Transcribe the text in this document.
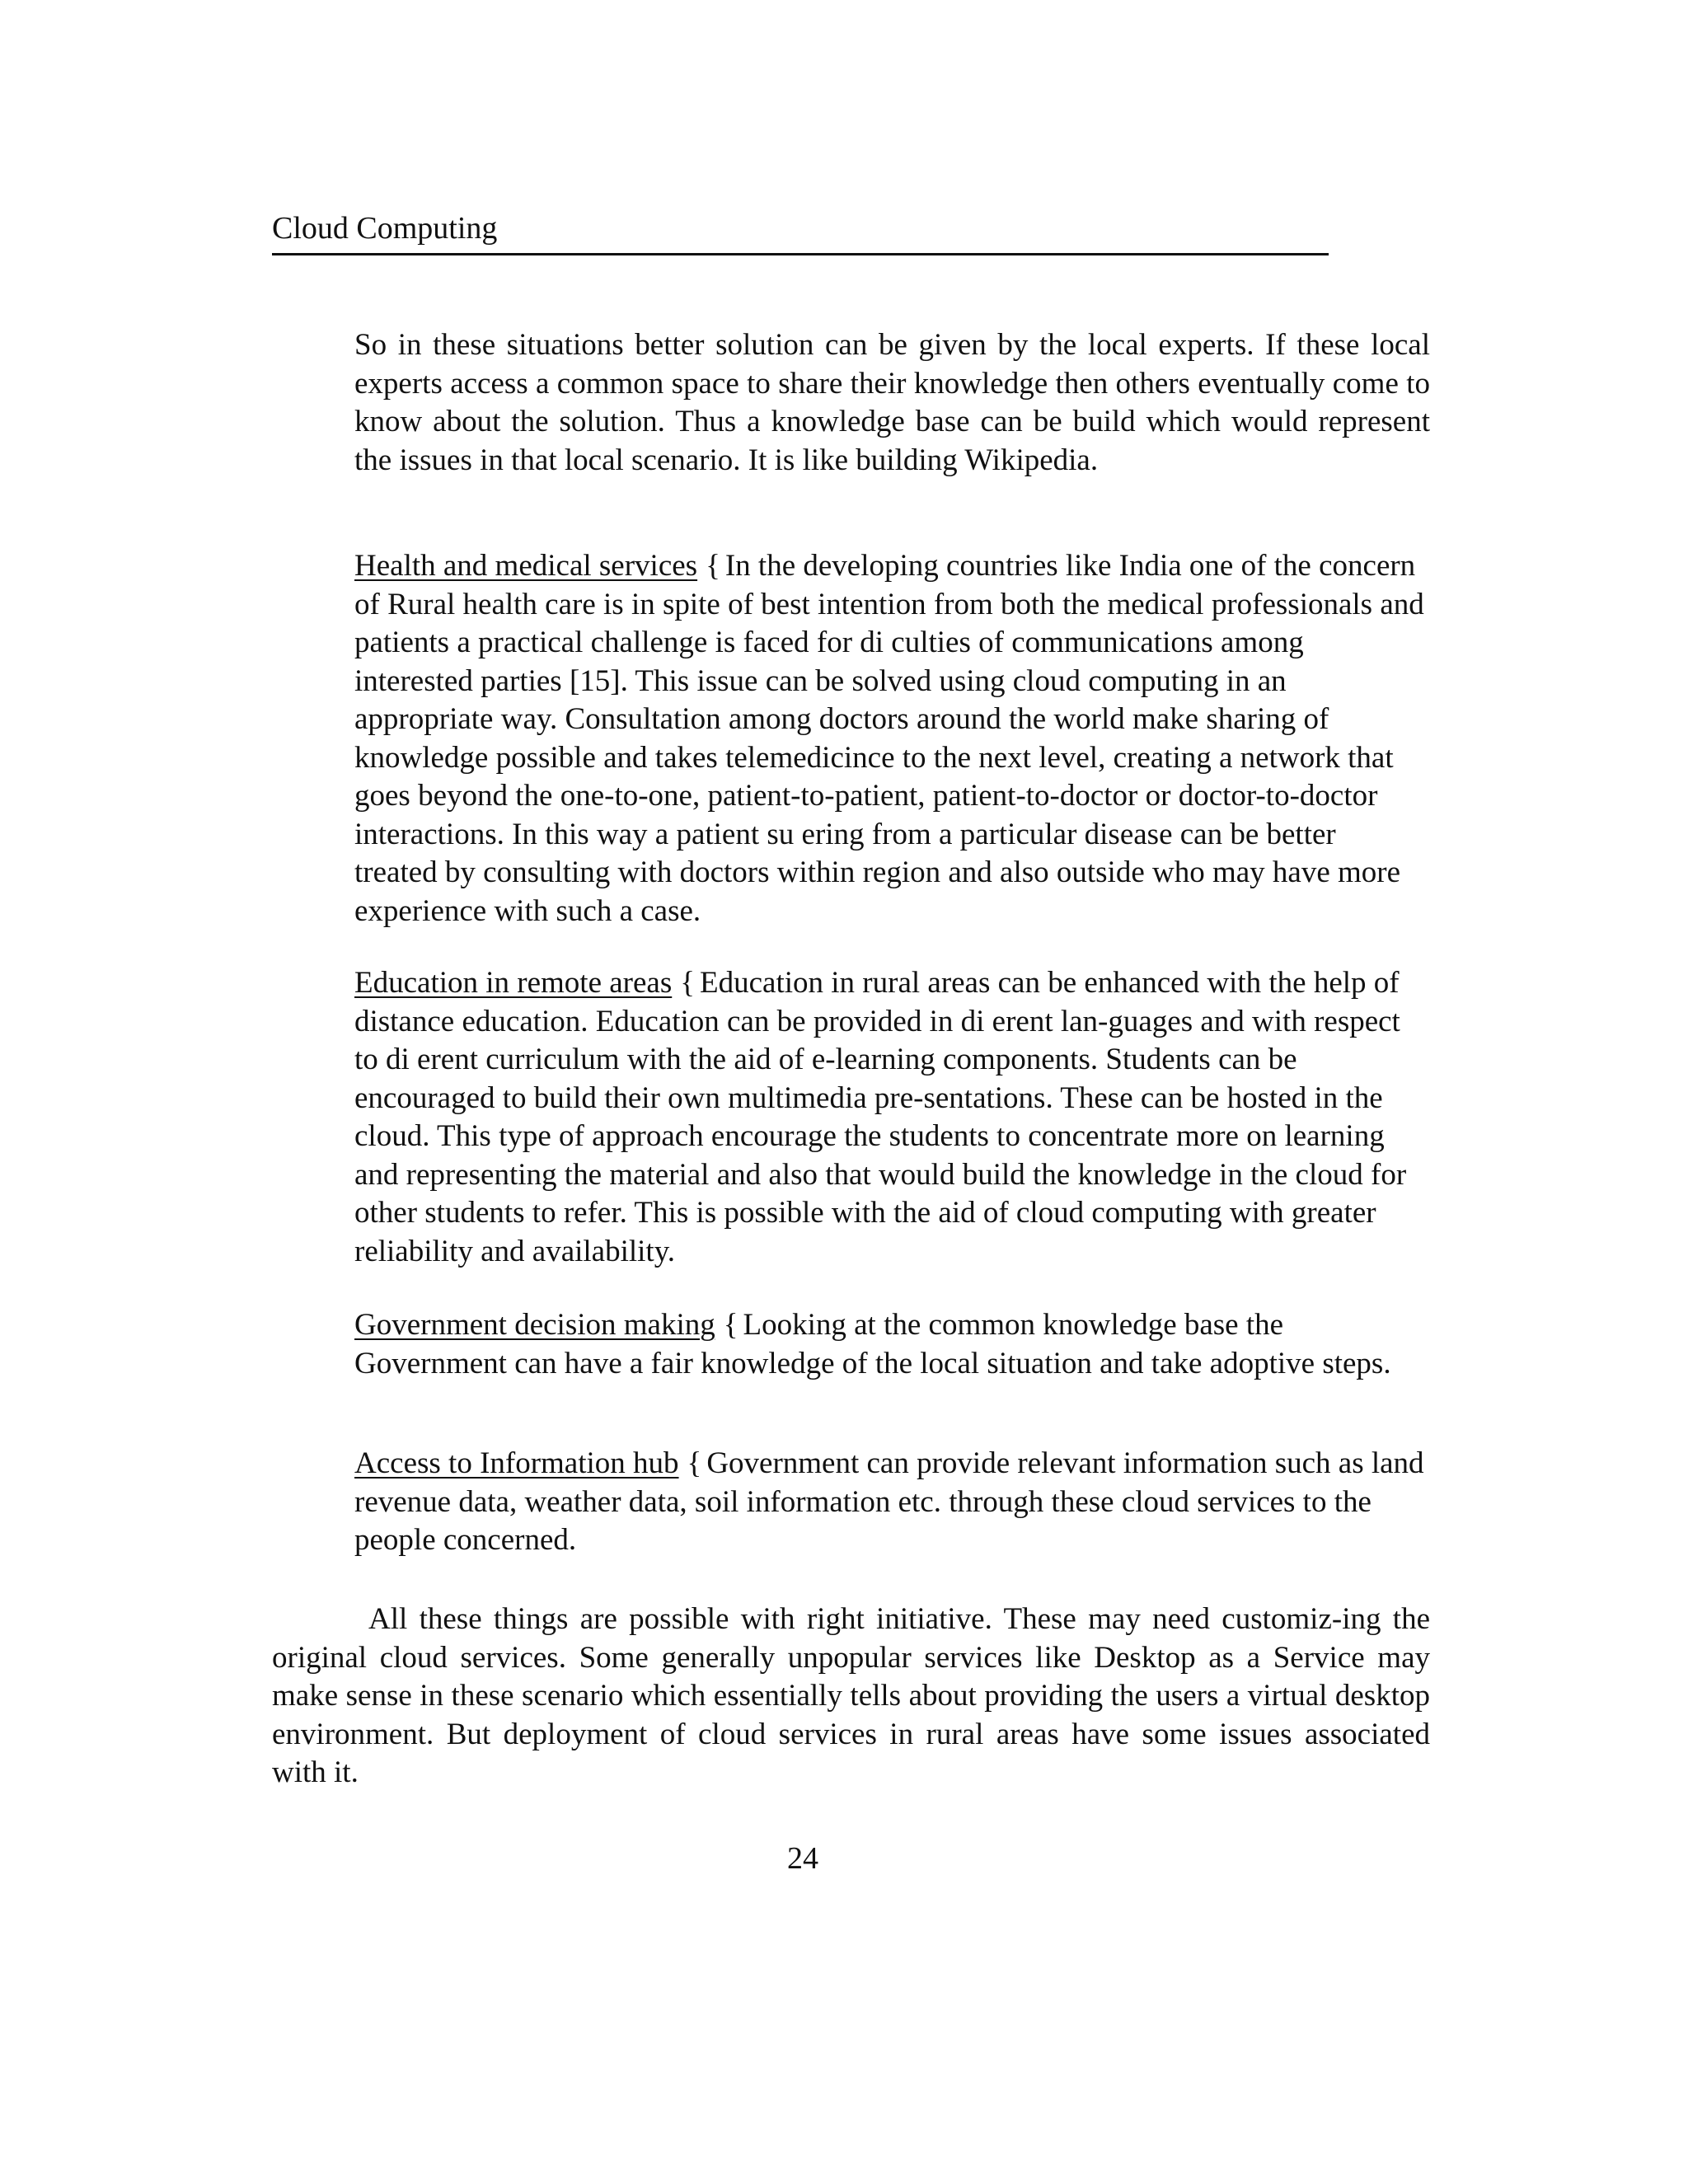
Cloud Computing

So in these situations better solution can be given by the local experts. If these local experts access a common space to share their knowledge then others eventually come to know about the solution. Thus a knowledge base can be build which would represent the issues in that local scenario. It is like building Wikipedia.

Health and medical services { In the developing countries like India one of the concern of Rural health care is in spite of best intention from both the medical professionals and patients a practical challenge is faced for di culties of communications among interested parties [15]. This issue can be solved using cloud computing in an appropriate way. Consultation among doctors around the world make sharing of knowledge possible and takes telemedicince to the next level, creating a network that goes beyond the one-to-one, patient-to-patient, patient-to-doctor or doctor-to-doctor interactions. In this way a patient su ering from a particular disease can be better treated by consulting with doctors within region and also outside who may have more experience with such a case.

Education in remote areas { Education in rural areas can be enhanced with the help of distance education. Education can be provided in di erent lan-guages and with respect to di erent curriculum with the aid of e-learning components. Students can be encouraged to build their own multimedia pre-sentations. These can be hosted in the cloud. This type of approach encourage the students to concentrate more on learning and representing the material and also that would build the knowledge in the cloud for other students to refer. This is possible with the aid of cloud computing with greater reliability and availability.

Government decision making { Looking at the common knowledge base the Government can have a fair knowledge of the local situation and take adoptive steps.

Access to Information hub { Government can provide relevant information such as land revenue data, weather data, soil information etc. through these cloud services to the people concerned.

All these things are possible with right initiative. These may need customiz-ing the original cloud services. Some generally unpopular services like Desktop as a Service may make sense in these scenario which essentially tells about providing the users a virtual desktop environment. But deployment of cloud services in rural areas have some issues associated with it.

24
